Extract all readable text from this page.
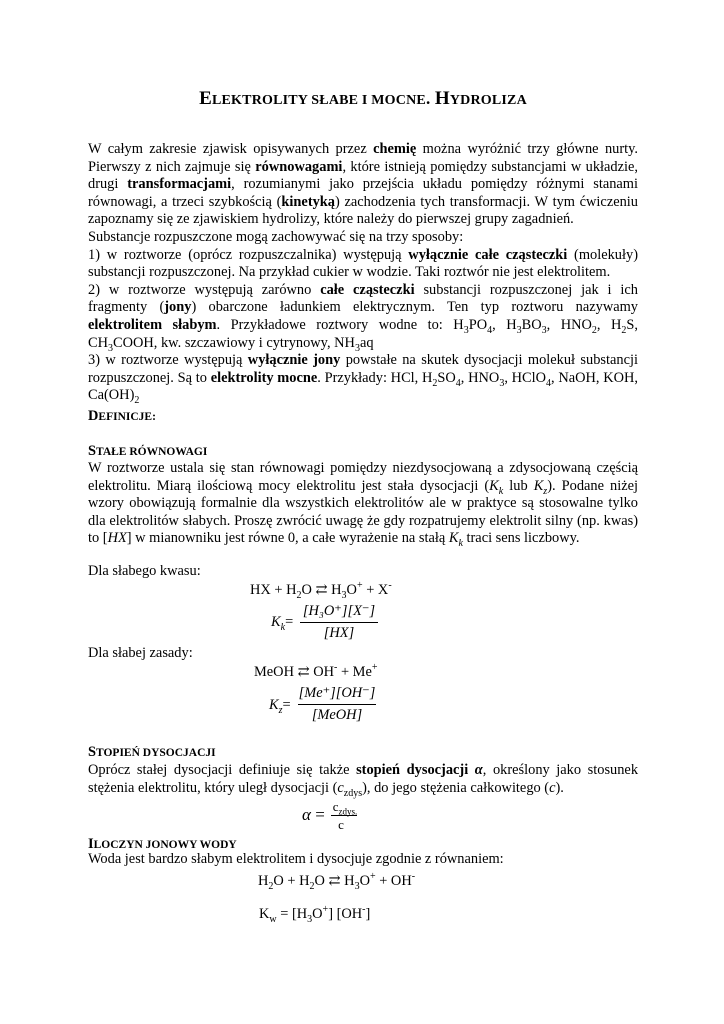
ELEKTROLITY SŁABE I MOCNE. HYDROLIZA

W całym zakresie zjawisk opisywanych przez chemię można wyróżnić trzy główne nurty. Pierwszy z nich zajmuje się równowagami, które istnieją pomiędzy substancjami w układzie, drugi transformacjami, rozumianymi jako przejścia układu pomiędzy różnymi stanami równowagi, a trzeci szybkością (kinetyką) zachodzenia tych transformacji. W tym ćwiczeniu zapoznamy się ze zjawiskiem hydrolizy, które należy do pierwszej grupy zagadnień.
Substancje rozpuszczone mogą zachowywać się na trzy sposoby:
1) w roztworze (oprócz rozpuszczalnika) występują wyłącznie całe cząsteczki (molekuły) substancji rozpuszczonej. Na przykład cukier w wodzie. Taki roztwór nie jest elektrolitem.
2) w roztworze występują zarówno całe cząsteczki substancji rozpuszczonej jak i ich fragmenty (jony) obarczone ładunkiem elektrycznym. Ten typ roztworu nazywamy elektrolitem słabym. Przykładowe roztwory wodne to: $H_3PO_4$, $H_3BO_3$, $HNO_2$, $H_2S$, $CH_3COOH$, kw. szczawiowy i cytrynowy, $NH_3aq$
3) w roztworze występują wyłącznie jony powstałe na skutek dysocjacji molekuł substancji rozpuszczonej. Są to elektrolity mocne. Przykłady: HCl, $H_2SO_4$, $HNO_3$, HClO$_4$, NaOH, KOH, $Ca(OH)_2$

DEFINICJE:
STAŁE RÓWNOWAGI

W roztworze ustala się stan równowagi pomiędzy niezdysocjowaną a zdysocjowaną częścią elektrolitu. Miarą ilościową mocy elektrolitu jest stała dysocjacji ($K_k$ lub $K_z$). Podane niżej wzory obowiązują formalnie dla wszystkich elektrolitów ale w praktyce są stosowalne tylko dla elektrolitów słabych. Proszę zwrócić uwagę że gdy rozpatrujemy elektrolit silny (np. kwas) to [HX] w mianowniku jest równe 0, a całe wyrażenie na stałą $K_k$ traci sens liczbowy.

Dla słabego kwasu:
HX + $H_2O$ ⇄ $H_3O^+ + X^-$
$K_k=$
[H₃O⁺][X⁻]
[HX]
Dla słabej zasady:
MeOH ⇄ OH- + Me+
$K_z=$
[Me⁺][OH⁻]
[MeOH]
STOPIEŃ DYSOCJACJI

Oprócz stałej dysocjacji definiuje się także stopień dysocjacji α, określony jako stosunek stężenia elektrolitu, który uległ dysocjacji $(c_{zdys})$, do jego stężenia całkowitego (c).

$\alpha = c_{zdys.}$
c
ILOCZYN JONOWY WODY

Woda jest bardzo słabym elektrolitem i dysocjuje zgodnie z równaniem:

$H_2O + H_2O$ ⇄ $H_3O^+ + OH^-$
$K_w = [H_3O^+]$ [OH-]
